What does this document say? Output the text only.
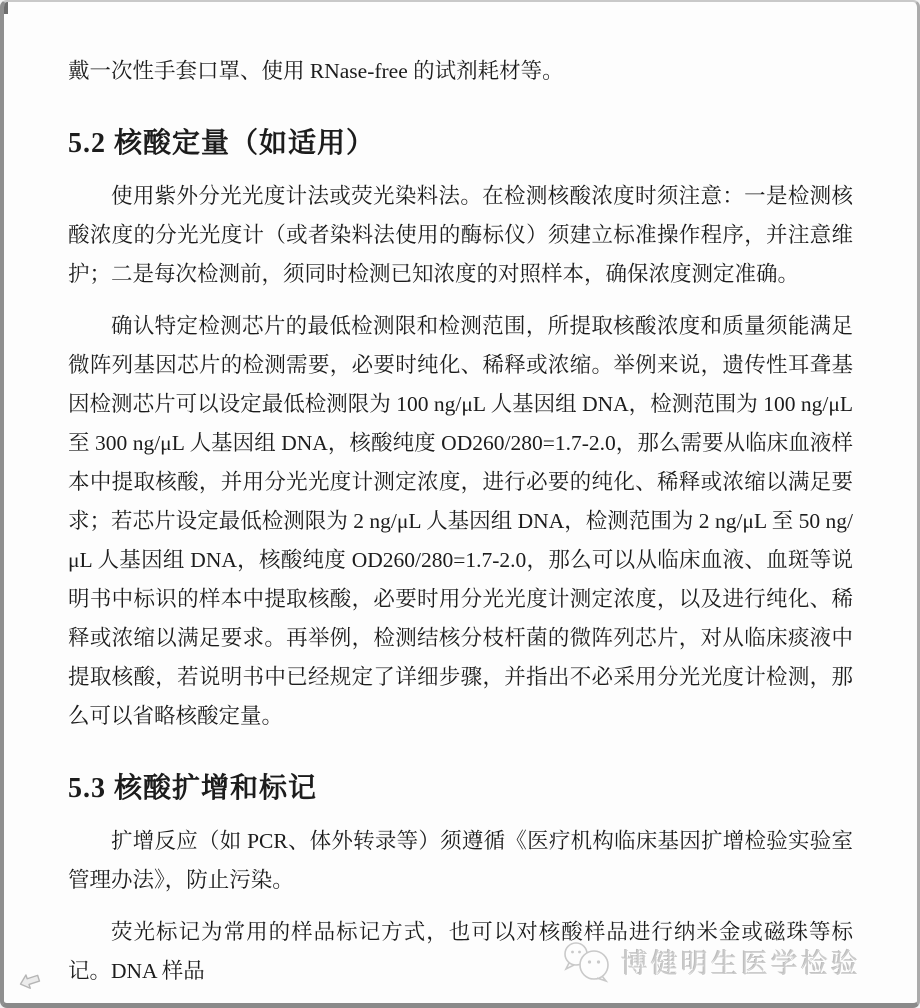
戴一次性手套口罩、使用 RNase-free 的试剂耗材等。

5.2 核酸定量（如适用）

使用紫外分光光度计法或荧光染料法。在检测核酸浓度时须注意：一是检测核酸浓度的分光光度计（或者染料法使用的酶标仪）须建立标准操作程序，并注意维护；二是每次检测前，须同时检测已知浓度的对照样本，确保浓度测定准确。

确认特定检测芯片的最低检测限和检测范围，所提取核酸浓度和质量须能满足微阵列基因芯片的检测需要，必要时纯化、稀释或浓缩。举例来说，遗传性耳聋基因检测芯片可以设定最低检测限为 100 ng/μL 人基因组 DNA，检测范围为 100 ng/μL 至 300 ng/μL 人基因组 DNA，核酸纯度 OD260/280=1.7-2.0，那么需要从临床血液样本中提取核酸，并用分光光度计测定浓度，进行必要的纯化、稀释或浓缩以满足要求；若芯片设定最低检测限为 2 ng/μL 人基因组 DNA，检测范围为 2 ng/μL 至 50 ng/μL 人基因组 DNA，核酸纯度 OD260/280=1.7-2.0，那么可以从临床血液、血斑等说明书中标识的样本中提取核酸，必要时用分光光度计测定浓度，以及进行纯化、稀释或浓缩以满足要求。再举例，检测结核分枝杆菌的微阵列芯片，对从临床痰液中提取核酸，若说明书中已经规定了详细步骤，并指出不必采用分光光度计检测，那么可以省略核酸定量。

5.3 核酸扩增和标记

扩增反应（如 PCR、体外转录等）须遵循《医疗机构临床基因扩增检验实验室管理办法》，防止污染。

荧光标记为常用的样品标记方式，也可以对核酸样品进行纳米金或磁珠等标记。DNA 样品	博健明生医学检验
